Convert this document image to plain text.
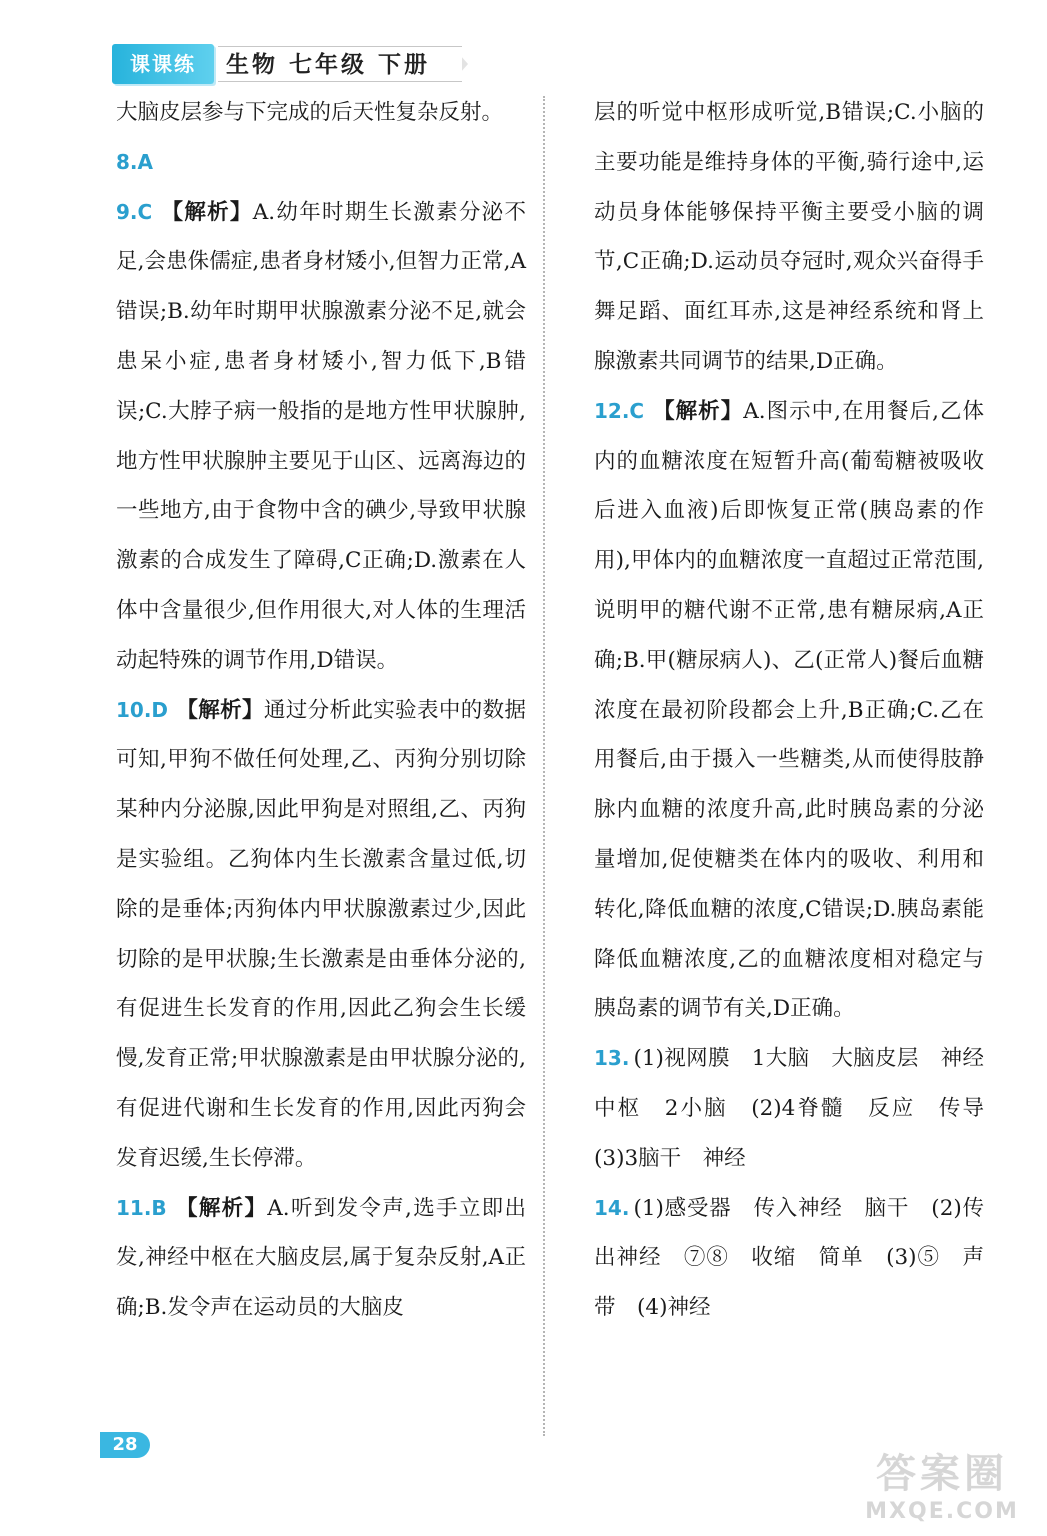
课课练	生物 七年级 下册

大脑皮层参与下完成的后天性复杂反射。

8.A

9.C 【解析】A.幼年时期生长激素分泌不足,会患侏儒症,患者身材矮小,但智力正常,A错误;B.幼年时期甲状腺激素分泌不足,就会患呆小症,患者身材矮小,智力低下,B错误;C.大脖子病一般指的是地方性甲状腺肿,地方性甲状腺肿主要见于山区、远离海边的一些地方,由于食物中含的碘少,导致甲状腺激素的合成发生了障碍,C正确;D.激素在人体中含量很少,但作用很大,对人体的生理活动起特殊的调节作用,D错误。

10.D 【解析】通过分析此实验表中的数据可知,甲狗不做任何处理,乙、丙狗分别切除某种内分泌腺,因此甲狗是对照组,乙、丙狗是实验组。乙狗体内生长激素含量过低,切除的是垂体;丙狗体内甲状腺激素过少,因此切除的是甲状腺;生长激素是由垂体分泌的,有促进生长发育的作用,因此乙狗会生长缓慢,发育正常;甲状腺激素是由甲状腺分泌的,有促进代谢和生长发育的作用,因此丙狗会发育迟缓,生长停滞。

11.B 【解析】A.听到发令声,选手立即出发,神经中枢在大脑皮层,属于复杂反射,A正确;B.发令声在运动员的大脑皮

层的听觉中枢形成听觉,B错误;C.小脑的主要功能是维持身体的平衡,骑行途中,运动员身体能够保持平衡主要受小脑的调节,C正确;D.运动员夺冠时,观众兴奋得手舞足蹈、面红耳赤,这是神经系统和肾上腺激素共同调节的结果,D正确。

12.C 【解析】A.图示中,在用餐后,乙体内的血糖浓度在短暂升高(葡萄糖被吸收后进入血液)后即恢复正常(胰岛素的作用),甲体内的血糖浓度一直超过正常范围,说明甲的糖代谢不正常,患有糖尿病,A正确;B.甲(糖尿病人)、乙(正常人)餐后血糖浓度在最初阶段都会上升,B正确;C.乙在用餐后,由于摄入一些糖类,从而使得肢静脉内血糖的浓度升高,此时胰岛素的分泌量增加,促使糖类在体内的吸收、利用和转化,降低血糖的浓度,C错误;D.胰岛素能降低血糖浓度,乙的血糖浓度相对稳定与胰岛素的调节有关,D正确。

13. (1)视网膜　1大脑　大脑皮层　神经中枢　2小脑　(2)4脊髓　反应　传导　(3)3脑干　神经

14. (1)感受器　传入神经　脑干　(2)传出神经　⑦⑧　收缩　简单　(3)⑤　声带　(4)神经

28
答案圈
MXQE.COM
